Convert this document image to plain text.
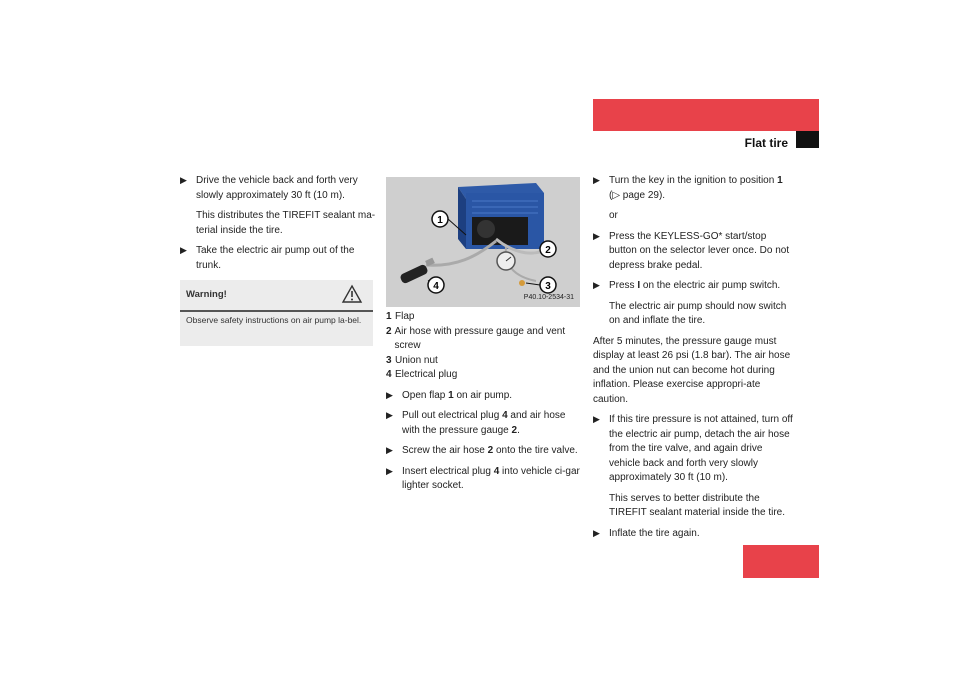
Practical hints
Flat tire
▶ Drive the vehicle back and forth very slowly approximately 30 ft (10 m).
This distributes the TIREFIT sealant ma-terial inside the tire.
▶ Take the electric air pump out of the trunk.
Warning!
Observe safety instructions on air pump la-bel.
1
2
3
4
P40.10-2534-31
1 Flap
2 Air hose with pressure gauge and vent screw
3 Union nut
4 Electrical plug
▶ Open flap 1 on air pump.
▶ Pull out electrical plug 4 and air hose with the pressure gauge 2.
▶ Screw the air hose 2 onto the tire valve.
▶ Insert electrical plug 4 into vehicle ci-gar lighter socket.
▶ Turn the key in the ignition to position 1 (▷ page 29).
or
▶ Press the KEYLESS-GO* start/stop button on the selector lever once. Do not depress brake pedal.
▶ Press I on the electric air pump switch.
The electric air pump should now switch on and inflate the tire.
After 5 minutes, the pressure gauge must display at least 26 psi (1.8 bar). The air hose and the union nut can become hot during inflation. Please exercise appropri-ate caution.
▶ If this tire pressure is not attained, turn off the electric air pump, detach the air hose from the tire valve, and again drive vehicle back and forth very slowly approximately 30 ft (10 m).
This serves to better distribute the TIREFIT sealant material inside the tire.
▶ Inflate the tire again.
305
